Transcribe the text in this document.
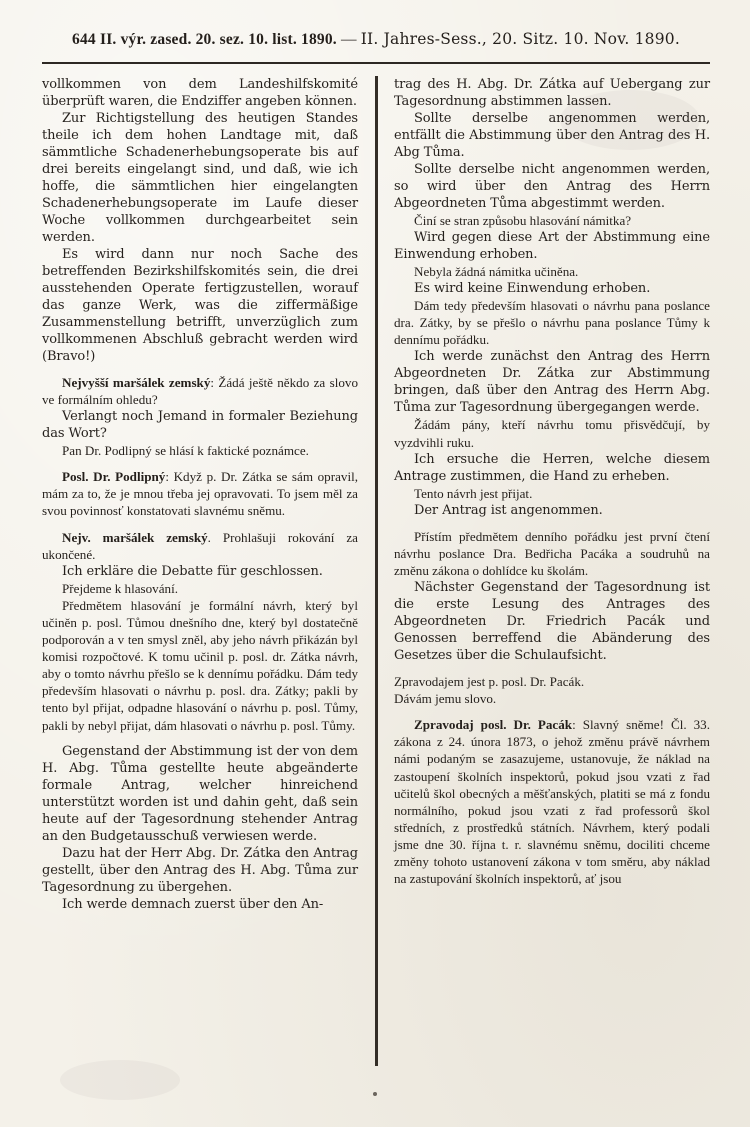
644 II. výr. zased. 20. sez. 10. list. 1890. — II. Jahres-Sess., 20. Sitz. 10. Nov. 1890.

vollkommen von dem Landeshilfskomité überprüft waren, die Endziffer angeben können.

Zur Richtigstellung des heutigen Standes theile ich dem hohen Landtage mit, daß sämmtliche Schadenerhebungsoperate bis auf drei bereits eingelangt sind, und daß, wie ich hoffe, die sämmtlichen hier eingelangten Schadenerhebungsoperate im Laufe dieser Woche vollkommen durchgearbeitet sein werden.

Es wird dann nur noch Sache des betreffenden Bezirkshilfskomités sein, die drei ausstehenden Operate fertigzustellen, worauf das ganze Werk, was die ziffermäßige Zusammenstellung betrifft, unverzüglich zum vollkommenen Abschluß gebracht werden wird (Bravo!)

Nejvyšší maršálek zemský: Žádá ještě někdo za slovo ve formálním ohledu?

Verlangt noch Jemand in formaler Beziehung das Wort?

Pan Dr. Podlipný se hlásí k faktické poznámce.

Posl. Dr. Podlipný: Když p. Dr. Zátka se sám opravil, mám za to, že je mnou třeba jej opravovati. To jsem měl za svou povinnosť konstatovati slavnému sněmu.

Nejv. maršálek zemský. Prohlašuji rokování za ukončené.

Ich erkläre die Debatte für geschlossen.

Přejdeme k hlasování.

Předmětem hlasování je formální návrh, který byl učiněn p. posl. Tůmou dnešního dne, který byl dostatečně podporován a v ten smysl zněl, aby jeho návrh přikázán byl komisi rozpočtové. K tomu učinil p. posl. dr. Zátka návrh, aby o tomto návrhu přešlo se k dennímu pořádku. Dám tedy především hlasovati o návrhu p. posl. dra. Zátky; pakli by tento byl přijat, odpadne hlasování o návrhu p. posl. Tůmy, pakli by nebyl přijat, dám hlasovati o návrhu p. posl. Tůmy.

Gegenstand der Abstimmung ist der von dem H. Abg. Tůma gestellte heute abgeänderte formale Antrag, welcher hinreichend unterstützt worden ist und dahin geht, daß sein heute auf der Tagesordnung stehender Antrag an den Budgetausschuß verwiesen werde.

Dazu hat der Herr Abg. Dr. Zátka den Antrag gestellt, über den Antrag des H. Abg. Tůma zur Tagesordnung zu übergehen.

Ich werde demnach zuerst über den An-

trag des H. Abg. Dr. Zátka auf Uebergang zur Tagesordnung abstimmen lassen.

Sollte derselbe angenommen werden, entfällt die Abstimmung über den Antrag des H. Abg Tůma.

Sollte derselbe nicht angenommen werden, so wird über den Antrag des Herrn Abgeordneten Tůma abgestimmt werden.

Činí se stran způsobu hlasování námitka?

Wird gegen diese Art der Abstimmung eine Einwendung erhoben.

Nebyla žádná námitka učiněna.

Es wird keine Einwendung erhoben.

Dám tedy především hlasovati o návrhu pana poslance dra. Zátky, by se přešlo o návrhu pana poslance Tůmy k dennímu pořádku.

Ich werde zunächst den Antrag des Herrn Abgeordneten Dr. Zátka zur Abstimmung bringen, daß über den Antrag des Herrn Abg. Tůma zur Tagesordnung übergegangen werde.

Žádám pány, kteří návrhu tomu přisvědčují, by vyzdvihli ruku.

Ich ersuche die Herren, welche diesem Antrage zustimmen, die Hand zu erheben.

Tento návrh jest přijat.

Der Antrag ist angenommen.

Přístím předmětem denního pořádku jest první čtení návrhu poslance Dra. Bedřicha Pacáka a soudruhů na změnu zákona o dohlídce ku školám.

Nächster Gegenstand der Tagesordnung ist die erste Lesung des Antrages des Abgeordneten Dr. Friedrich Pacák und Genossen berreffend die Abänderung des Gesetzes über die Schulaufsicht.

Zpravodajem jest p. posl. Dr. Pacák.

Dávám jemu slovo.

Zpravodaj posl. Dr. Pacák: Slavný sněme! Čl. 33. zákona z 24. února 1873, o jehož změnu právě návrhem námi podaným se zasazujeme, ustanovuje, že náklad na zastoupení školních inspektorů, pokud jsou vzati z řad učitelů škol obecných a měšťanských, platiti se má z fondu normálního, pokud jsou vzati z řad professorů škol středních, z prostředků státních. Návrhem, který podali jsme dne 30. října t. r. slavnému sněmu, dociliti chceme změny tohoto ustanovení zákona v tom směru, aby náklad na zastupování školních inspektorů, ať jsou
